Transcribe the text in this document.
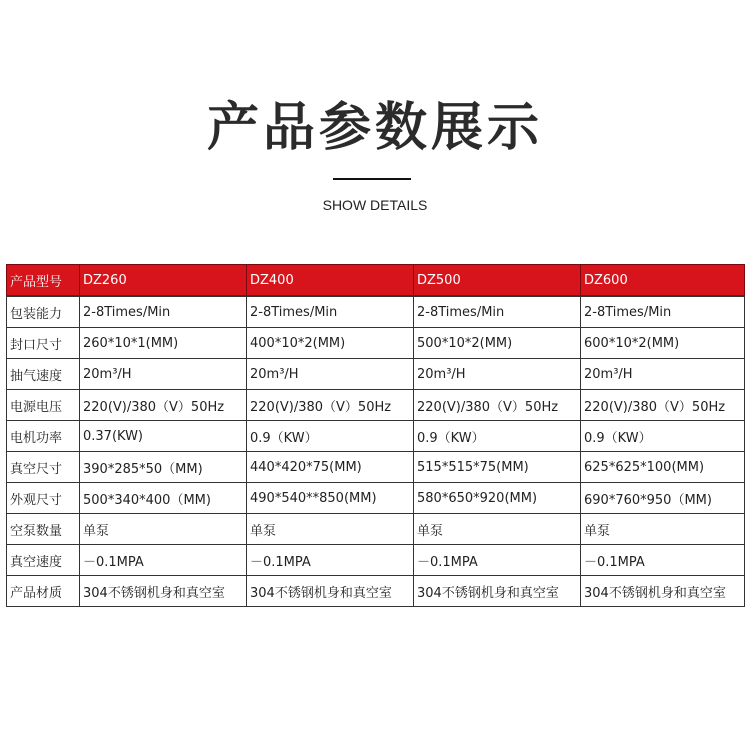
产品参数展示
SHOW DETAILS
产品型号	DZ260	DZ400	DZ500	DZ600
包装能力	2-8Times/Min	2-8Times/Min	2-8Times/Min	2-8Times/Min
封口尺寸	260*10*1(MM)	400*10*2(MM)	500*10*2(MM)	600*10*2(MM)
抽气速度	20m³/H	20m³/H	20m³/H	20m³/H
电源电压	220(V)/380（V）50Hz	220(V)/380（V）50Hz	220(V)/380（V）50Hz	220(V)/380（V）50Hz
电机功率	0.37(KW)	0.9（KW）	0.9（KW）	0.9（KW）
真空尺寸	390*285*50（MM)	440*420*75(MM)	515*515*75(MM)	625*625*100(MM)
外观尺寸	500*340*400（MM)	490*540**850(MM)	580*650*920(MM)	690*760*950（MM)
空泵数量	单泵	单泵	单泵	单泵
真空速度	－0.1MPA	－0.1MPA	－0.1MPA	－0.1MPA
产品材质	304不锈钢机身和真空室	304不锈钢机身和真空室	304不锈钢机身和真空室	304不锈钢机身和真空室
